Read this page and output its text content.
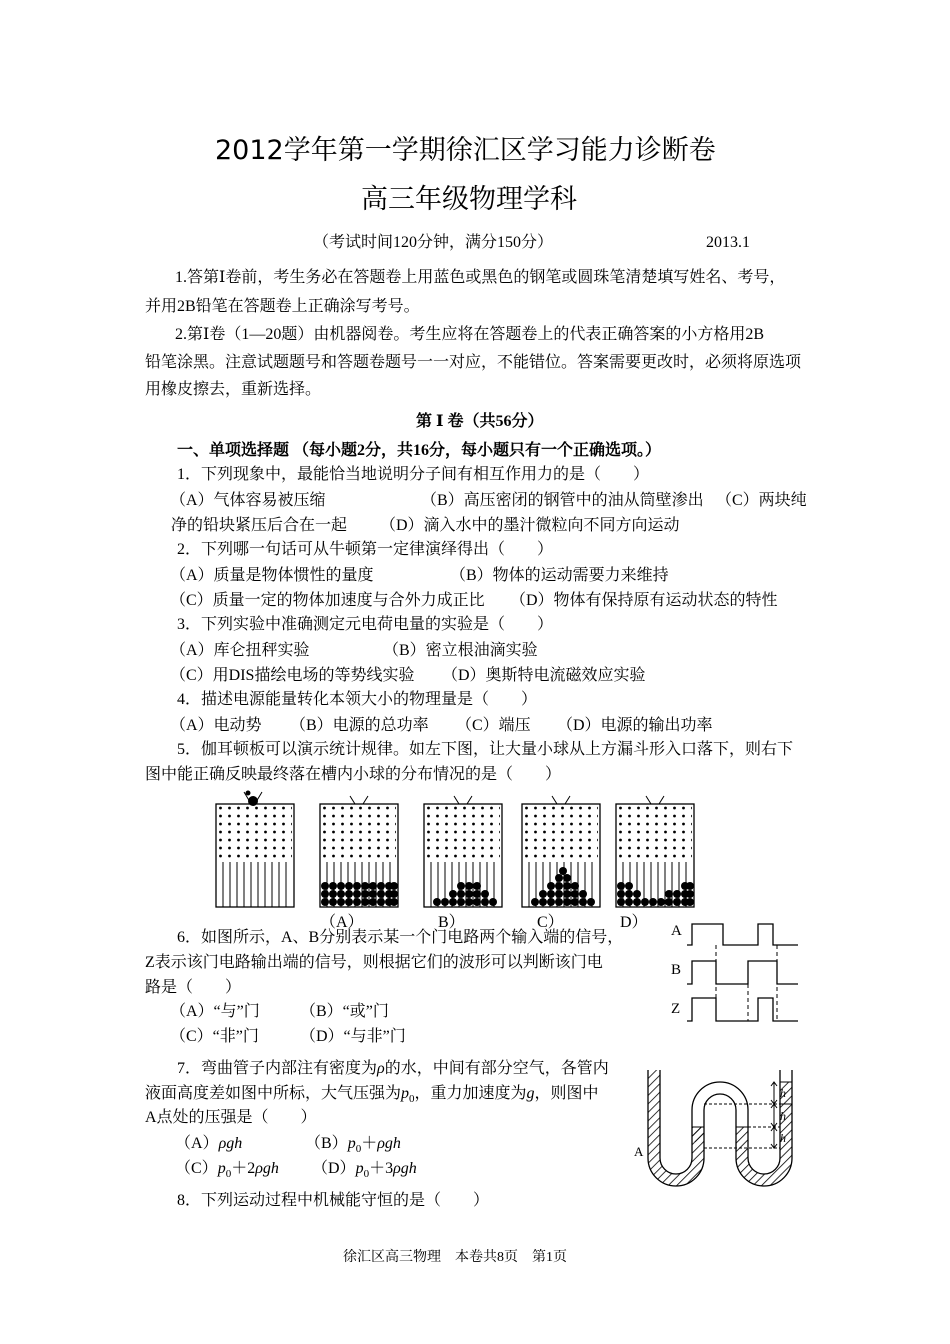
2012学年第一学期徐汇区学习能力诊断卷
高三年级物理学科
（考试时间120分钟，满分150分）	2013.1
1.答第Ⅰ卷前，考生务必在答题卷上用蓝色或黑色的钢笔或圆珠笔清楚填写姓名、考号，
并用2B铅笔在答题卷上正确涂写考号。
2.第Ⅰ卷（1—20题）由机器阅卷。考生应将在答题卷上的代表正确答案的小方格用2B
铅笔涂黑。注意试题题号和答题卷题号一一对应，不能错位。答案需要更改时，必须将原选项
用橡皮擦去，重新选择。
第 Ⅰ 卷（共56分）
一、单项选择题 （每小题2分，共16分，每小题只有一个正确选项。）
1．下列现象中，最能恰当地说明分子间有相互作用力的是（　　）
（A）气体容易被压缩	（B）高压密闭的钢管中的油从筒壁渗出 （C）两块纯
净的铅块紧压后合在一起 （D）滴入水中的墨汁微粒向不同方向运动
2．下列哪一句话可从牛顿第一定律演绎得出（　　）
（A）质量是物体惯性的量度	（B）物体的运动需要力来维持
（C）质量一定的物体加速度与合外力成正比 （D）物体有保持原有运动状态的特性
3．下列实验中准确测定元电荷电量的实验是（　　）
（A）库仑扭秤实验	（B）密立根油滴实验
（C）用DIS描绘电场的等势线实验 （D）奥斯特电流磁效应实验
4．描述电源能量转化本领大小的物理量是（　　）
（A）电动势 （B）电源的总功率 （C）端压 （D）电源的输出功率
5．伽耳顿板可以演示统计规律。如左下图，让大量小球从上方漏斗形入口落下，则右下
图中能正确反映最终落在槽内小球的分布情况的是（　　）
（A）	B）	C）	D）
6．如图所示，A、B分别表示某一个门电路两个输入端的信号，
Z表示该门电路输出端的信号，则根据它们的波形可以判断该门电
路是（　　）
（A）“与”门	（B）“或”门
（C）“非”门	（D）“与非”门
A
B
Z
7．弯曲管子内部注有密度为ρ的水，中间有部分空气，各管内
液面高度差如图中所标，大气压强为$p_0$，重力加速度为g，则图中
A点处的压强是（　　）
（A）ρgh	$(B)p_0+\rho gh$
$(C)p_0+2\rho gh$ $(D)p_0+3\rho gh$
h
h
h
A
8．下列运动过程中机械能守恒的是（　　）
徐汇区高三物理　本卷共8页　第1页
